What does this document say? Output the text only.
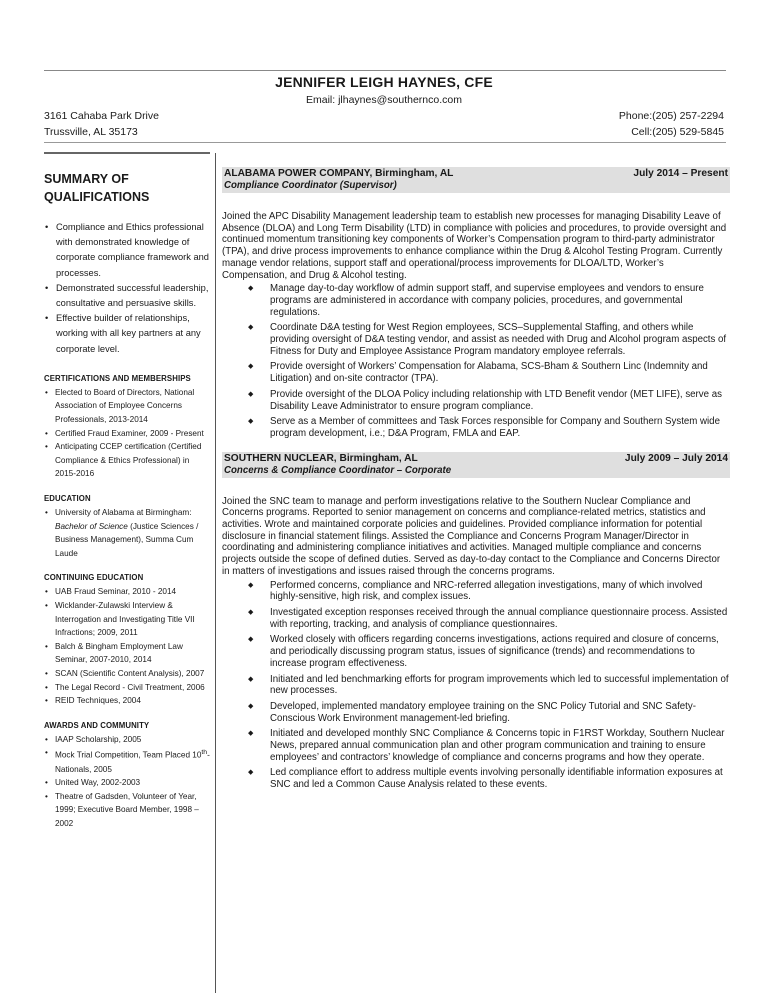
JENNIFER LEIGH HAYNES, CFE
Email: jlhaynes@southernco.com
3161 Cahaba Park Drive
Trussville, AL 35173
Phone:(205) 257-2294
Cell:(205) 529-5845
SUMMARY OF QUALIFICATIONS
• Compliance and Ethics professional with demonstrated knowledge of corporate compliance framework and processes.
• Demonstrated successful leadership, consultative and persuasive skills.
• Effective builder of relationships, working with all key partners at any corporate level.
CERTIFICATIONS AND MEMBERSHIPS
• Elected to Board of Directors, National Association of Employee Concerns Professionals, 2013-2014
• Certified Fraud Examiner, 2009 - Present
• Anticipating CCEP certification (Certified Compliance & Ethics Professional) in 2015-2016
EDUCATION
• University of Alabama at Birmingham: Bachelor of Science (Justice Sciences / Business Management), Summa Cum Laude
CONTINUING EDUCATION
• UAB Fraud Seminar, 2010 - 2014
• Wicklander-Zulawski Interview & Interrogation and Investigating Title VII Infractions; 2009, 2011
• Balch & Bingham Employment Law Seminar, 2007-2010, 2014
• SCAN (Scientific Content Analysis), 2007
• The Legal Record - Civil Treatment, 2006
• REID Techniques, 2004
AWARDS AND COMMUNITY
• IAAP Scholarship, 2005
• Mock Trial Competition, Team Placed 10th-Nationals, 2005
• United Way, 2002-2003
• Theatre of Gadsden, Volunteer of Year, 1999; Executive Board Member, 1998 – 2002
ALABAMA POWER COMPANY, Birmingham, AL	July 2014 – Present
Compliance Coordinator (Supervisor)
Joined the APC Disability Management leadership team to establish new processes for managing Disability Leave of Absence (DLOA) and Long Term Disability (LTD) in compliance with policies and procedures, to provide oversight and continued momentum transitioning key components of Worker’s Compensation program to third-party administrator (TPA), and drive process improvements to enhance compliance within the Drug & Alcohol Testing Program. Currently manage vendor relations, support staff and operational/process improvements for DLOA/LTD, Worker’s Compensation, and Drug & Alcohol testing.
◆ Manage day-to-day workflow of admin support staff, and supervise employees and vendors to ensure programs are administered in accordance with company policies, procedures, and governmental regulations.
◆ Coordinate D&A testing for West Region employees, SCS–Supplemental Staffing, and others while providing oversight of D&A testing vendor, and assist as needed with Drug and Alcohol program aspects of Fitness for Duty and Employee Assistance Program mandatory employee referrals.
◆ Provide oversight of Workers’ Compensation for Alabama, SCS-Bham & Southern Linc (Indemnity and Litigation) and on-site contractor (TPA).
◆ Provide oversight of the DLOA Policy including relationship with LTD Benefit vendor (MET LIFE), serve as Disability Leave Administrator to ensure program compliance.
◆ Serve as a Member of committees and Task Forces responsible for Company and Southern System wide program development, i.e.; D&A Program, FMLA and EAP.
SOUTHERN NUCLEAR, Birmingham, AL	July 2009 – July 2014
Concerns & Compliance Coordinator – Corporate
Joined the SNC team to manage and perform investigations relative to the Southern Nuclear Compliance and Concerns programs. Reported to senior management on concerns and compliance-related metrics, statistics and activities. Wrote and maintained corporate policies and guidelines. Provided compliance information for potential disclosure in financial statement filings. Assisted the Compliance and Concerns Program Manager/Director in coordinating and administering compliance initiatives and activities. Managed multiple compliance and concerns projects outside the scope of defined duties. Served as day-to-day contact to the Compliance and Concerns Director in matters of investigations and issues raised through the concerns programs.
◆ Performed concerns, compliance and NRC-referred allegation investigations, many of which involved highly-sensitive, high risk, and complex issues.
◆ Investigated exception responses received through the annual compliance questionnaire process. Assisted with reporting, tracking, and analysis of compliance questionnaires.
◆ Worked closely with officers regarding concerns investigations, actions required and closure of concerns, and periodically discussing program status, issues of significance (trends) and recommendations to increase program effectiveness.
◆ Initiated and led benchmarking efforts for program improvements which led to successful implementation of new processes.
◆ Developed, implemented mandatory employee training on the SNC Policy Tutorial and SNC Safety-Conscious Work Environment management-led briefing.
◆ Initiated and developed monthly SNC Compliance & Concerns topic in F1RST Workday, Southern Nuclear News, prepared annual communication plan and other program communication and training to ensure employees’ and contractors’ knowledge of compliance and concerns programs and how they operate.
◆ Led compliance effort to address multiple events involving personally identifiable information exposures at SNC and led a Common Cause Analysis related to these events.
